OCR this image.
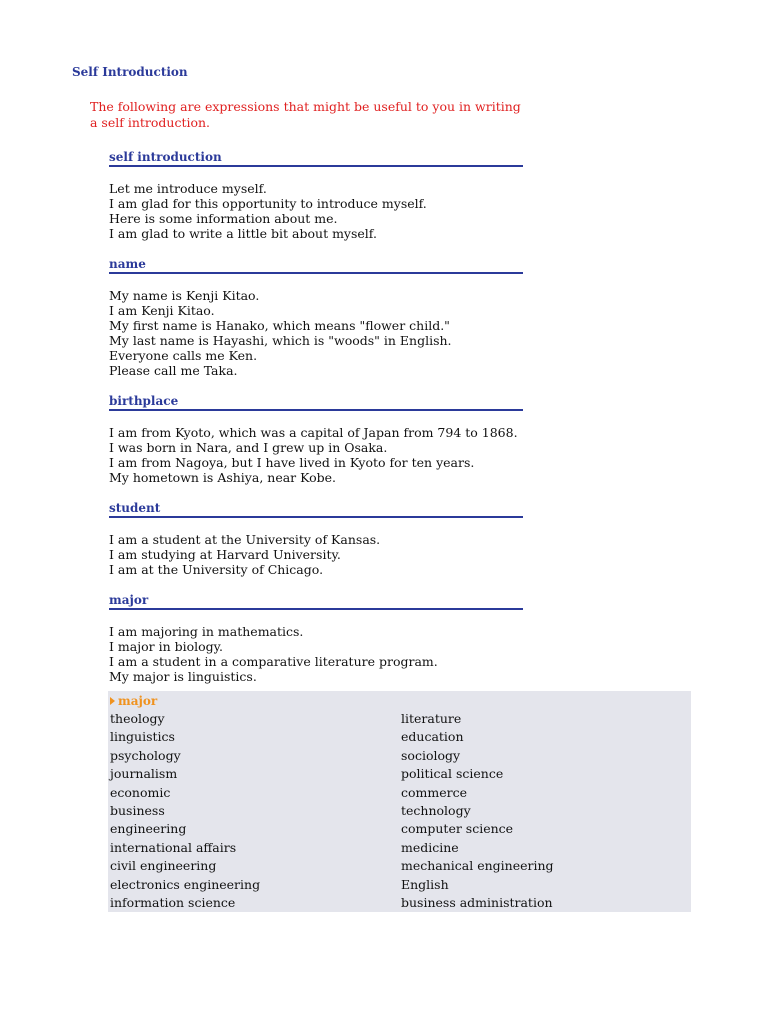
Self Introduction
The following are expressions that might be useful to you in writing a self introduction.
self introduction
Let me introduce myself.
I am glad for this opportunity to introduce myself.
Here is some information about me.
I am glad to write a little bit about myself.
name
My name is Kenji Kitao.
I am Kenji Kitao.
My first name is Hanako, which means "flower child."
My last name is Hayashi, which is "woods" in English.
Everyone calls me Ken.
Please call me Taka.
birthplace
I am from Kyoto, which was a capital of Japan from 794 to 1868.
I was born in Nara, and I grew up in Osaka.
I am from Nagoya, but I have lived in Kyoto for ten years.
My hometown is Ashiya, near Kobe.
student
I am a student at the University of Kansas.
I am studying at Harvard University.
I am at the University of Chicago.
major
I am majoring in mathematics.
I major in biology.
I am a student in a comparative literature program.
My major is linguistics.
major
theology	literature
linguistics	education
psychology	sociology
journalism	political science
economic	commerce
business	technology
engineering	computer science
international affairs	medicine
civil engineering	mechanical engineering
electronics engineering	English
information science	business administration
